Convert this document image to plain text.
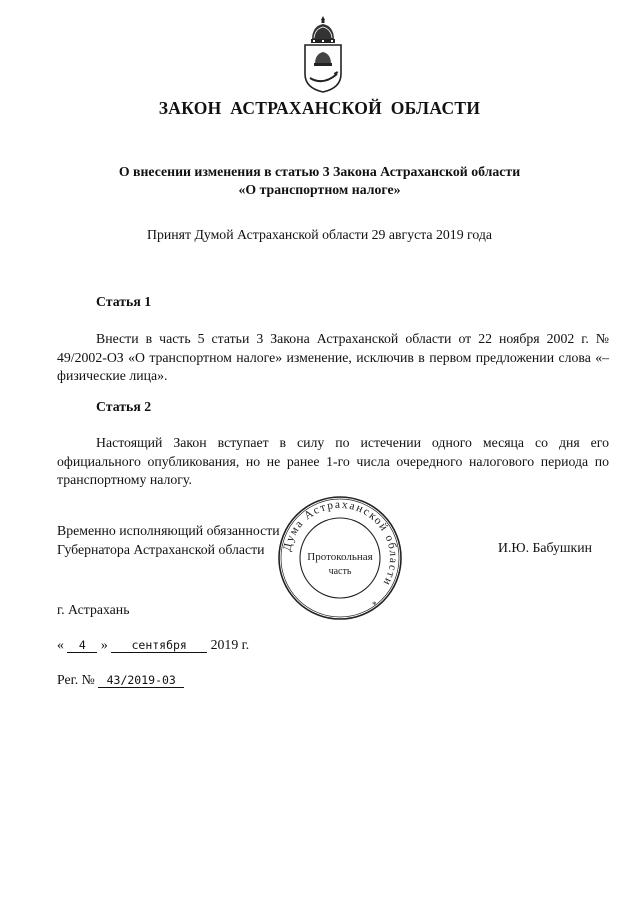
ЗАКОН АСТРАХАНСКОЙ ОБЛАСТИ
О внесении изменения в статью 3 Закона Астраханской области
«О транспортном налоге»
Принят Думой Астраханской области 29 августа 2019 года
Статья 1
Внести в часть 5 статьи 3 Закона Астраханской области от 22 ноября 2002 г. № 49/2002-ОЗ «О транспортном налоге» изменение, исключив в первом предложении слова «– физические лица».
Статья 2
Настоящий Закон вступает в силу по истечении одного месяца со дня его официального опубликования, но не ранее 1-го числа очередного налогового периода по транспортному налогу.
Временно исполняющий обязанности
Губернатора Астраханской области	И.Ю. Бабушкин
Дума Астраханской области
*
Протокольная
часть
г. Астрахань
« 4 » сентября 2019 г.
Рег. № 43/2019-03
